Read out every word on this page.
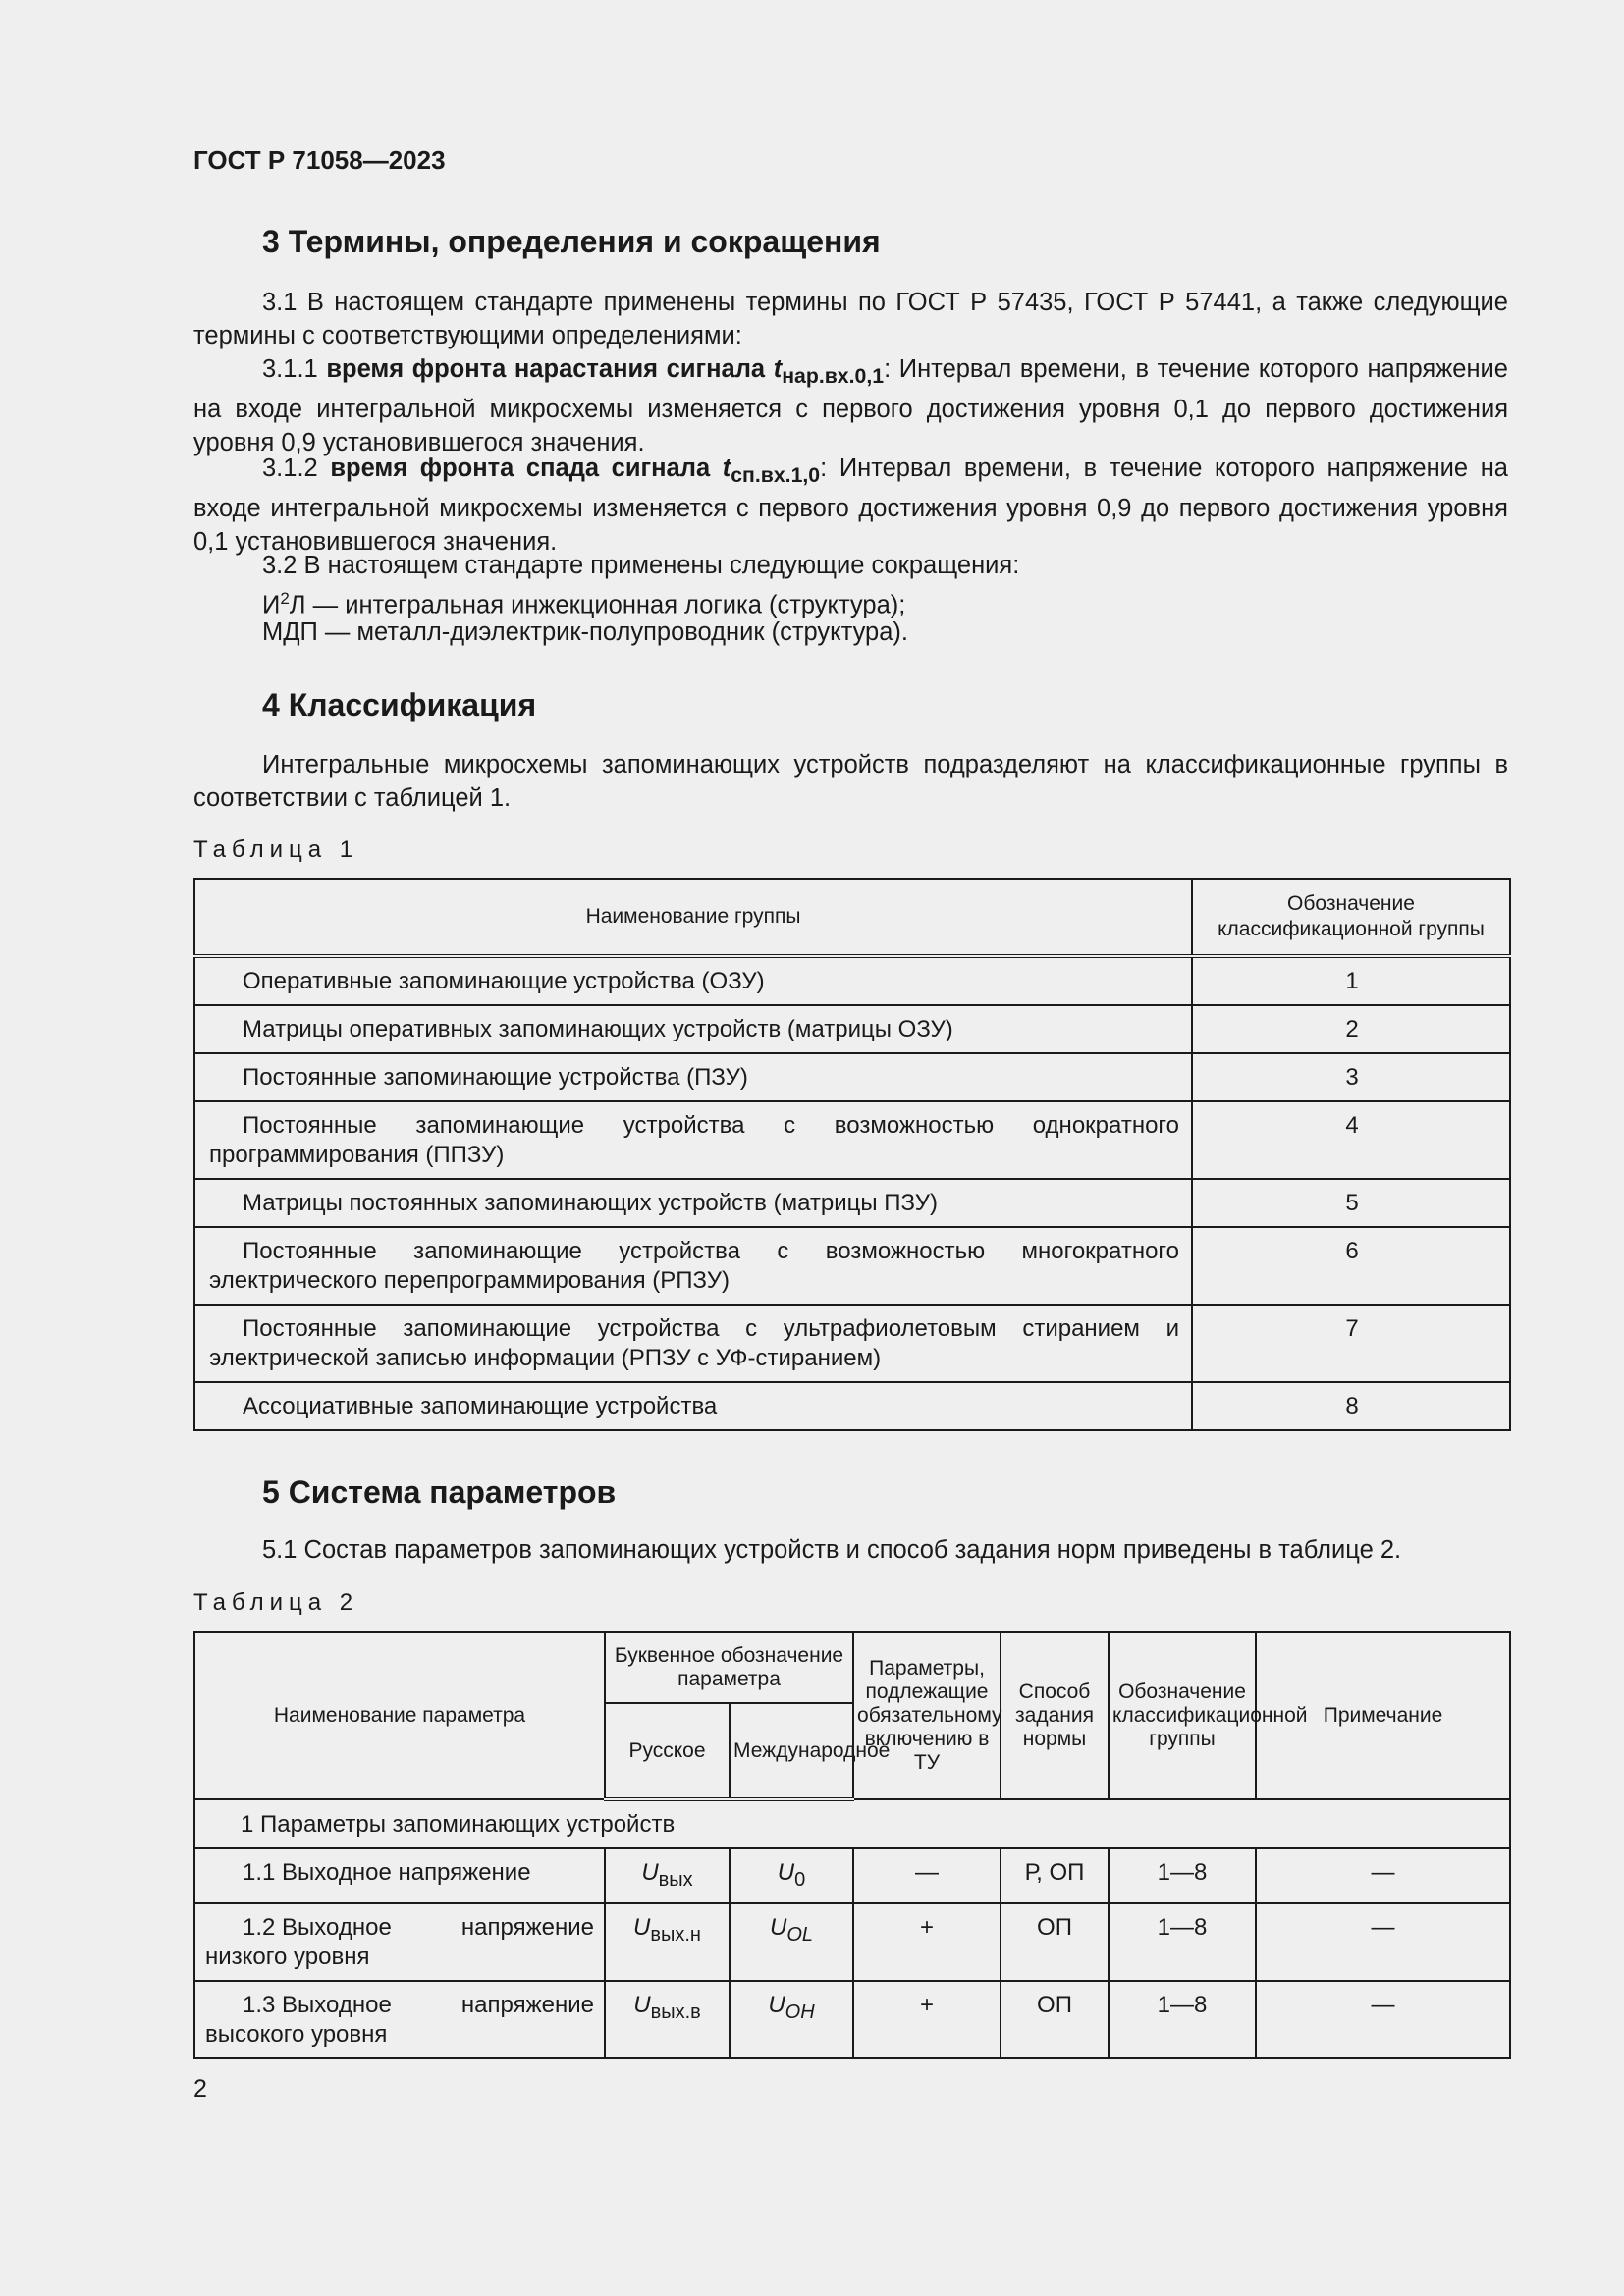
ГОСТ Р 71058—2023
3 Термины, определения и сокращения
3.1 В настоящем стандарте применены термины по ГОСТ Р 57435, ГОСТ Р 57441, а также следующие термины с соответствующими определениями:
3.1.1 время фронта нарастания сигнала $t_{нар.вх.0,1}$: Интервал времени, в течение которого напряжение на входе интегральной микросхемы изменяется с первого достижения уровня 0,1 до первого достижения уровня 0,9 установившегося значения.
3.1.2 время фронта спада сигнала $t_{сп.вх.1,0}$: Интервал времени, в течение которого напряжение на входе интегральной микросхемы изменяется с первого достижения уровня 0,9 до первого достижения уровня 0,1 установившегося значения.
3.2 В настоящем стандарте применены следующие сокращения:
$И^2Л$ — интегральная инжекционная логика (структура);
МДП — металл-диэлектрик-полупроводник (структура).
4 Классификация
Интегральные микросхемы запоминающих устройств подразделяют на классификационные группы в соответствии с таблицей 1.
Таблица 1
Наименование группы	Обозначение классификационной группы
Оперативные запоминающие устройства (ОЗУ)	1
Матрицы оперативных запоминающих устройств (матрицы ОЗУ)	2
Постоянные запоминающие устройства (ПЗУ)	3
Постоянные запоминающие устройства с возможностью однократного программирования (ППЗУ)	4
Матрицы постоянных запоминающих устройств (матрицы ПЗУ)	5
Постоянные запоминающие устройства с возможностью многократного электрического перепрограммирования (РПЗУ)	6
Постоянные запоминающие устройства с ультрафиолетовым стиранием и электрической записью информации (РПЗУ с УФ-стиранием)	7
Ассоциативные запоминающие устройства	8
5 Система параметров
5.1 Состав параметров запоминающих устройств и способ задания норм приведены в таблице 2.
Таблица 2
Наименование параметра	Буквенное обозначение параметра		Параметры, подлежащие обязательному включению в ТУ	Способ задания нормы	Обозначение классификационной группы	Примечание
	Русское	Международное				
1 Параметры запоминающих устройств						
1.1 Выходное напряжение	$U_{вых}$	$U_0$	—	Р, ОП	1—8	—

1.2 Выходное напряжение
низкого уровня	$U_{вых.н}$	$U_{OL}$	+	ОП	1—8	—

1.3 Выходное напряжение
высокого уровня	$U_{вых.в}$	$U_{OH}$	+	ОП	1—8	—
2
